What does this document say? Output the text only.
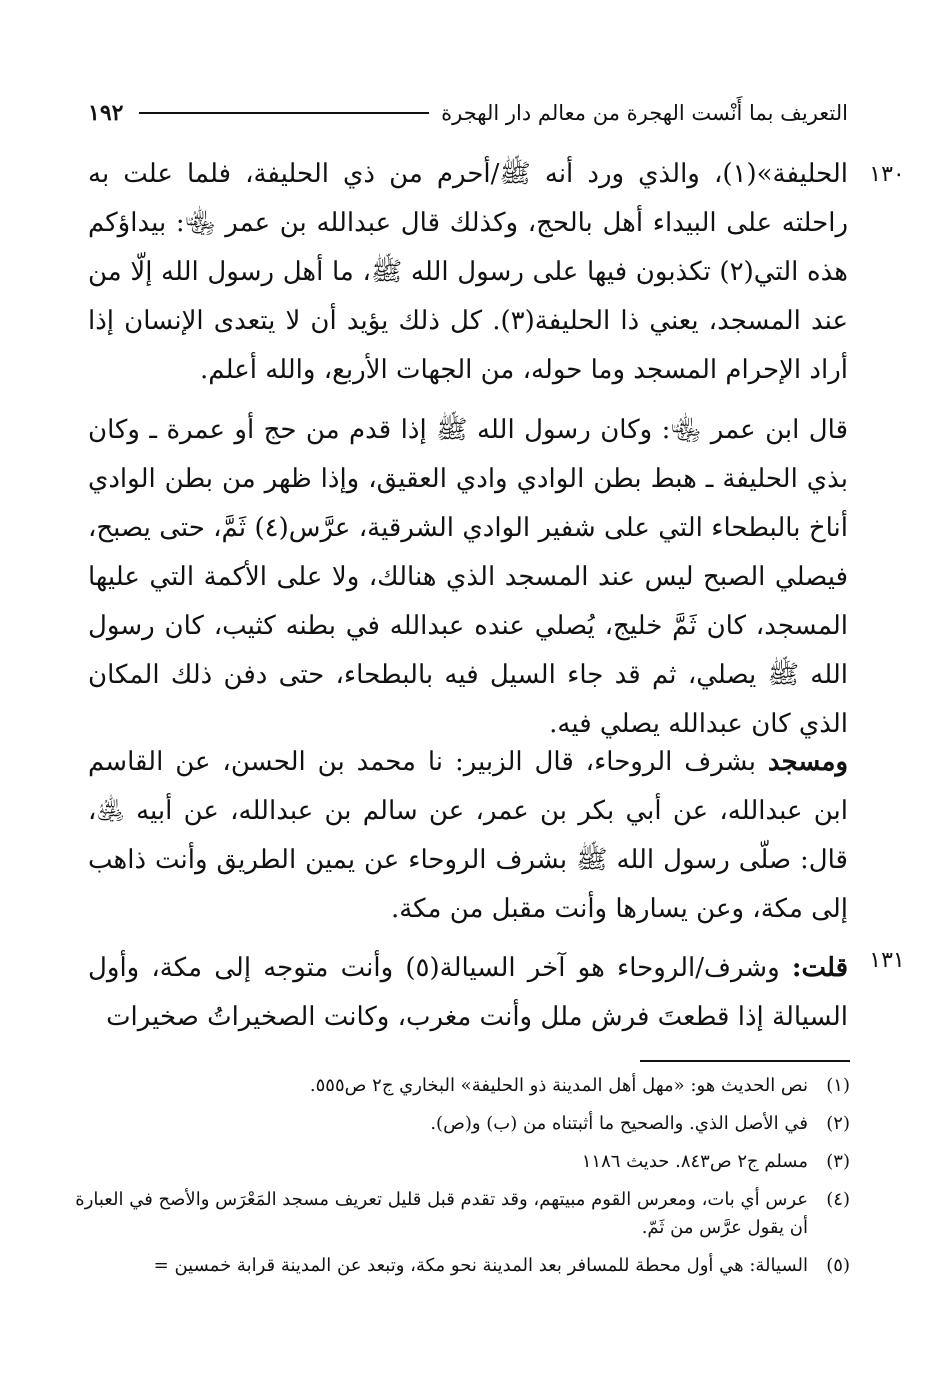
التعريف بما أَنْست الهجرة من معالم دار الهجرة
١٩٢
١٣٠
١٣١
الحليفة»(١)، والذي ورد أنه ﷺ/أحرم من ذي الحليفة، فلما علت به راحلته على البيداء أهل بالحج، وكذلك قال عبدالله بن عمر ﵄: بيداؤكم هذه التي(٢) تكذبون فيها على رسول الله ﷺ، ما أهل رسول الله إلّا من عند المسجد، يعني ذا الحليفة(٣). كل ذلك يؤيد أن لا يتعدى الإنسان إذا أراد الإحرام المسجد وما حوله، من الجهات الأربع، والله أعلم.
قال ابن عمر ﵄: وكان رسول الله ﷺ إذا قدم من حج أو عمرة ـ وكان بذي الحليفة ـ هبط بطن الوادي وادي العقيق، وإذا ظهر من بطن الوادي أناخ بالبطحاء التي على شفير الوادي الشرقية، عرَّس(٤) ثَمَّ، حتى يصبح، فيصلي الصبح ليس عند المسجد الذي هنالك، ولا على الأكمة التي عليها المسجد، كان ثَمَّ خليج، يُصلي عنده عبدالله في بطنه كثيب، كان رسول الله ﷺ يصلي، ثم قد جاء السيل فيه بالبطحاء، حتى دفن ذلك المكان الذي كان عبدالله يصلي فيه.
ومسجد بشرف الروحاء، قال الزبير: نا محمد بن الحسن، عن القاسم ابن عبدالله، عن أبي بكر بن عمر، عن سالم بن عبدالله، عن أبيه ﵁، قال: صلّى رسول الله ﷺ بشرف الروحاء عن يمين الطريق وأنت ذاهب إلى مكة، وعن يسارها وأنت مقبل من مكة.
قلت: وشرف/الروحاء هو آخر السيالة(٥) وأنت متوجه إلى مكة، وأول السيالة إذا قطعتَ فرش ملل وأنت مغرب، وكانت الصخيراتُ صخيرات
(١)
نص الحديث هو: «مهل أهل المدينة ذو الحليفة» البخاري ج٢ ص٥٥٥.
(٢)
في الأصل الذي. والصحيح ما أثبتناه من (ب) و(ص).
(٣)
مسلم ج٢ ص٨٤٣. حديث ١١٨٦
(٤)
عرس أي بات، ومعرس القوم مبيتهم، وقد تقدم قبل قليل تعريف مسجد المَعْرَس والأصح في العبارة أن يقول عرَّس من ثَمّ.
(٥)
السيالة: هي أول محطة للمسافر بعد المدينة نحو مكة، وتبعد عن المدينة قرابة خمسين =
